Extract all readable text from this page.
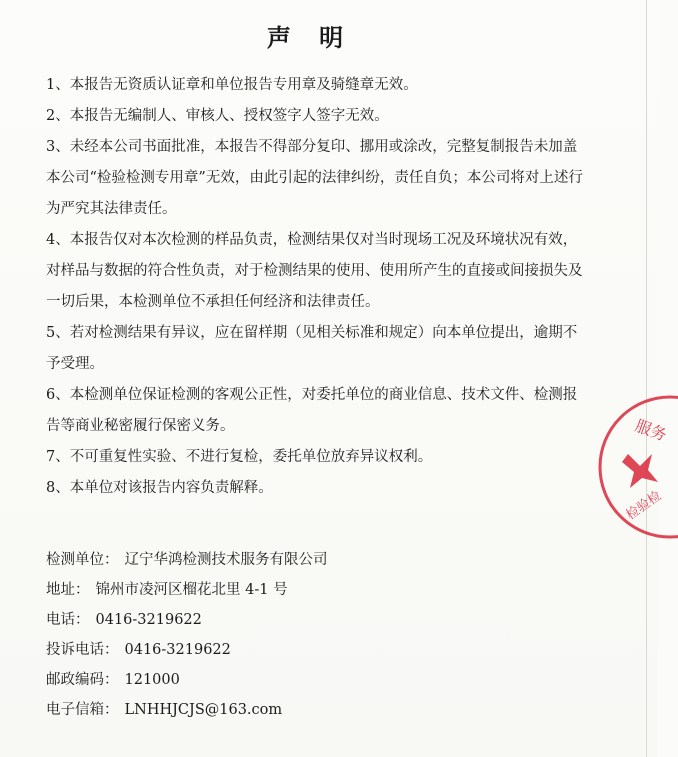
声 明

1、本报告无资质认证章和单位报告专用章及骑缝章无效。

2、本报告无编制人、审核人、授权签字人签字无效。

3、未经本公司书面批准，本报告不得部分复印、挪用或涂改，完整复制报告未加盖本公司“检验检测专用章”无效，由此引起的法律纠纷，责任自负；本公司将对上述行为严究其法律责任。

4、本报告仅对本次检测的样品负责，检测结果仅对当时现场工况及环境状况有效，对样品与数据的符合性负责，对于检测结果的使用、使用所产生的直接或间接损失及一切后果，本检测单位不承担任何经济和法律责任。

5、若对检测结果有异议，应在留样期（见相关标准和规定）向本单位提出，逾期不予受理。

6、本检测单位保证检测的客观公正性，对委托单位的商业信息、技术文件、检测报告等商业秘密履行保密义务。

7、不可重复性实验、不进行复检，委托单位放弃异议权利。

8、本单位对该报告内容负责解释。

检测单位： 辽宁华鸿检测技术服务有限公司
地址： 锦州市凌河区榴花北里 4-1 号
电话： 0416-3219622
投诉电话： 0416-3219622
邮政编码： 121000
电子信箱： LNHHJCJS@163.com
服务
检验检
